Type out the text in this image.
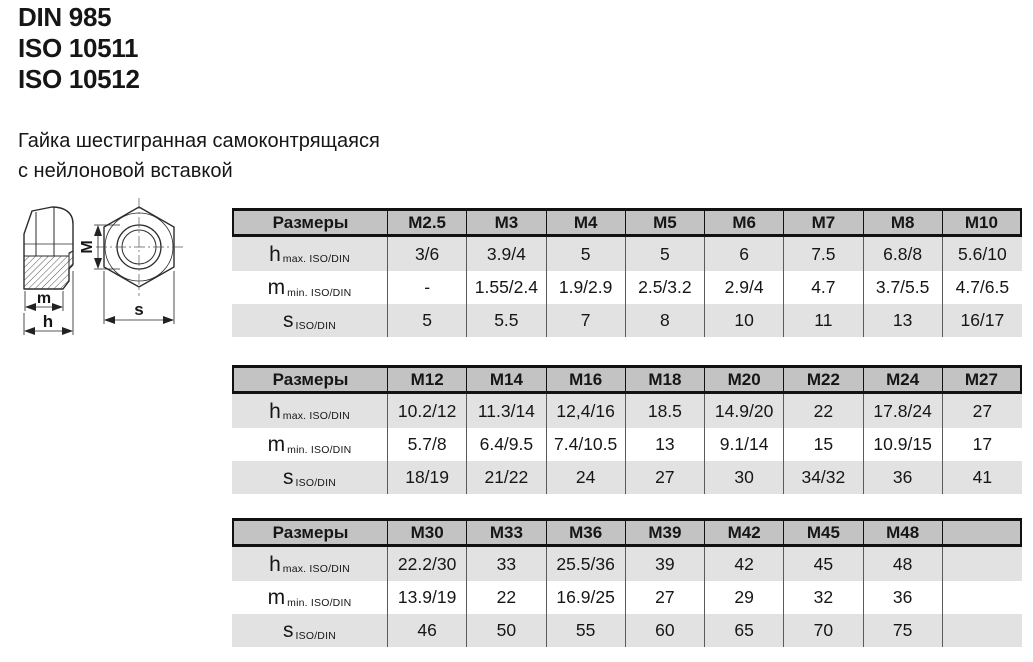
DIN 985
ISO 10511
ISO 10512
Гайка шестигранная самоконтрящаяся
с нейлоновой вставкой
m
h
M
s
Размеры	M2.5	M3	M4	M5	M6	M7	M8	M10
h max. ISO/DIN	3/6	3.9/4	5	5	6	7.5	6.8/8	5.6/10
m min. ISO/DIN	-	1.55/2.4	1.9/2.9	2.5/3.2	2.9/4	4.7	3.7/5.5	4.7/6.5
s ISO/DIN	5	5.5	7	8	10	11	13	16/17
Размеры	M12	M14	M16	M18	M20	M22	M24	M27
h max. ISO/DIN	10.2/12	11.3/14	12,4/16	18.5	14.9/20	22	17.8/24	27
m min. ISO/DIN	5.7/8	6.4/9.5	7.4/10.5	13	9.1/14	15	10.9/15	17
s ISO/DIN	18/19	21/22	24	27	30	34/32	36	41
Размеры	M30	M33	M36	M39	M42	M45	M48
h max. ISO/DIN	22.2/30	33	25.5/36	39	42	45	48
m min. ISO/DIN	13.9/19	22	16.9/25	27	29	32	36
s ISO/DIN	46	50	55	60	65	70	75
